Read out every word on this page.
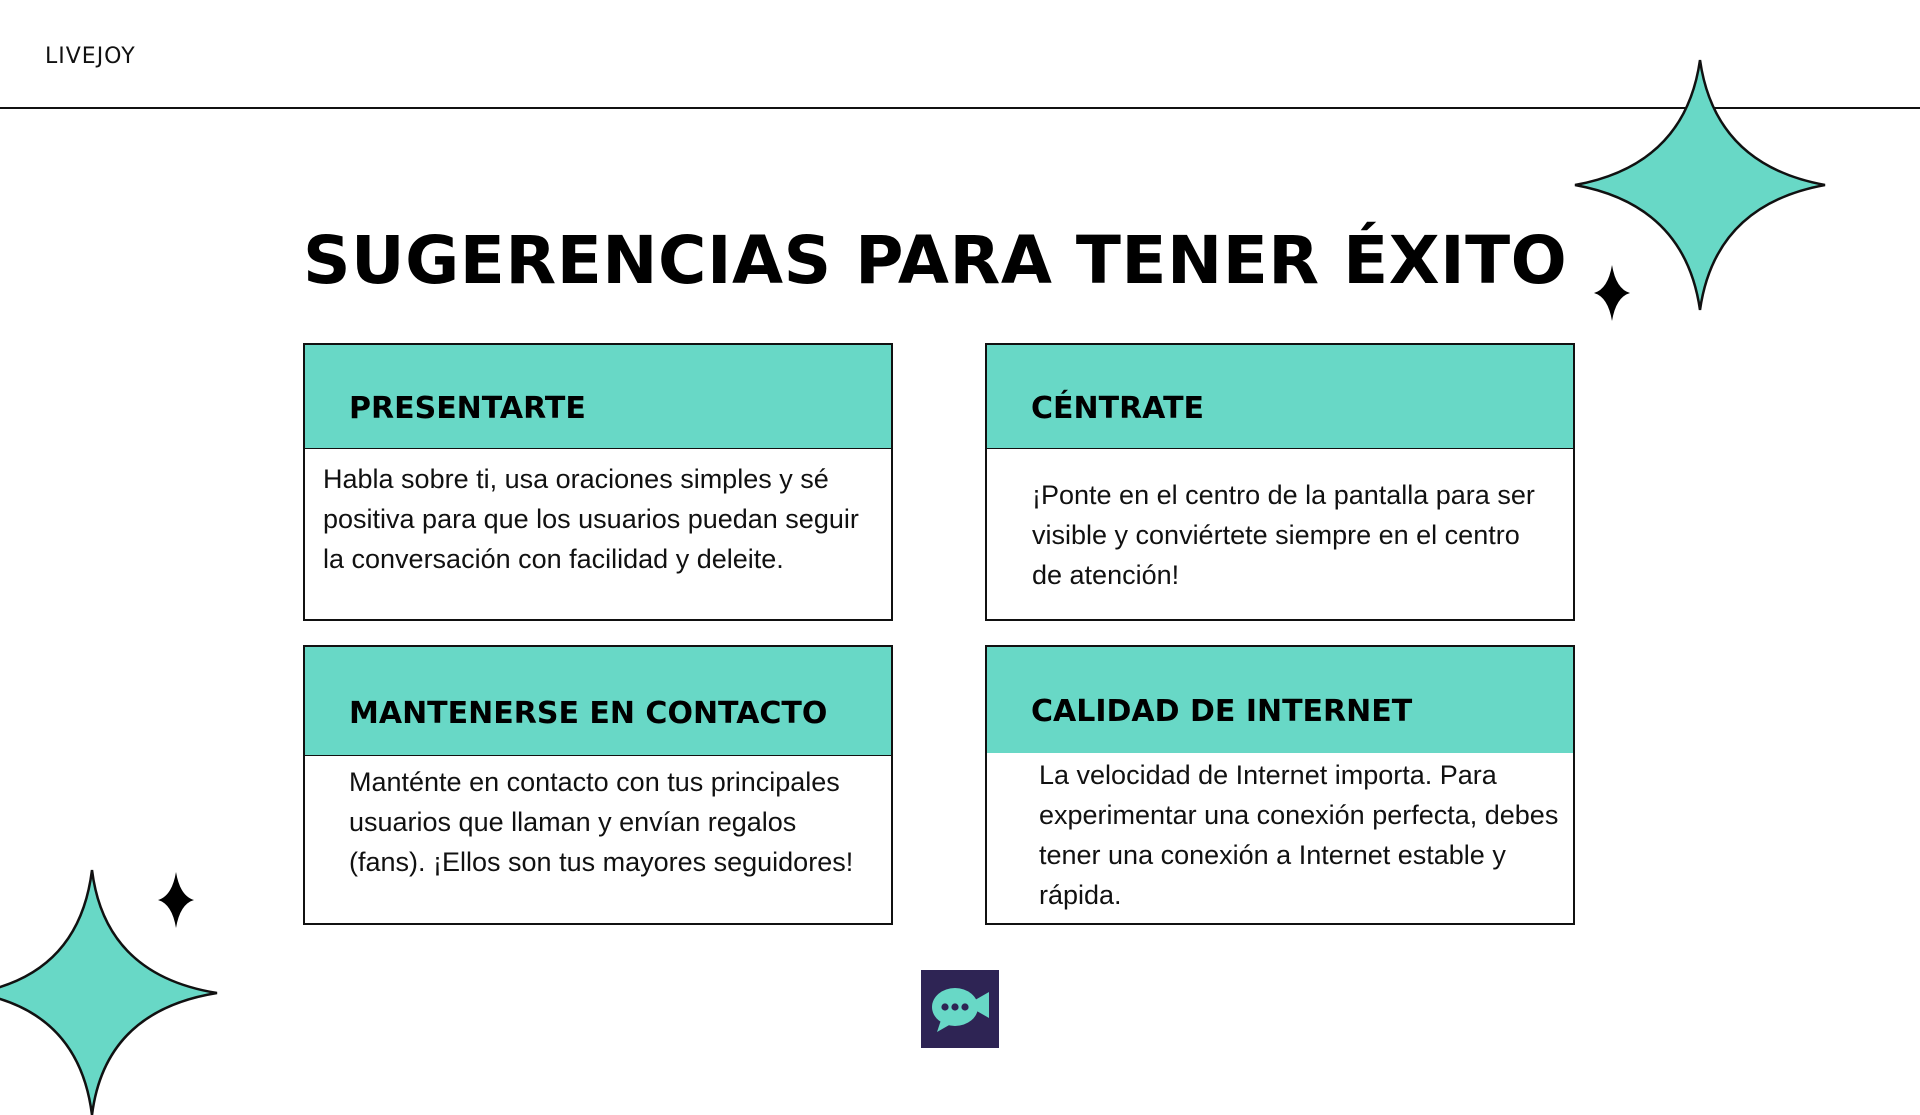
LIVEJOY
SUGERENCIAS PARA TENER ÉXITO
PRESENTARTE
Habla sobre ti, usa oraciones simples y sé positiva para que los usuarios puedan seguir la conversación con facilidad y deleite.
CÉNTRATE
¡Ponte en el centro de la pantalla para ser visible y conviértete siempre en el centro de atención!
MANTENERSE EN CONTACTO
Manténte en contacto con tus principales usuarios que llaman y envían regalos (fans). ¡Ellos son tus mayores seguidores!
CALIDAD DE INTERNET
La velocidad de Internet importa. Para experimentar una conexión perfecta, debes tener una conexión a Internet estable y rápida.
